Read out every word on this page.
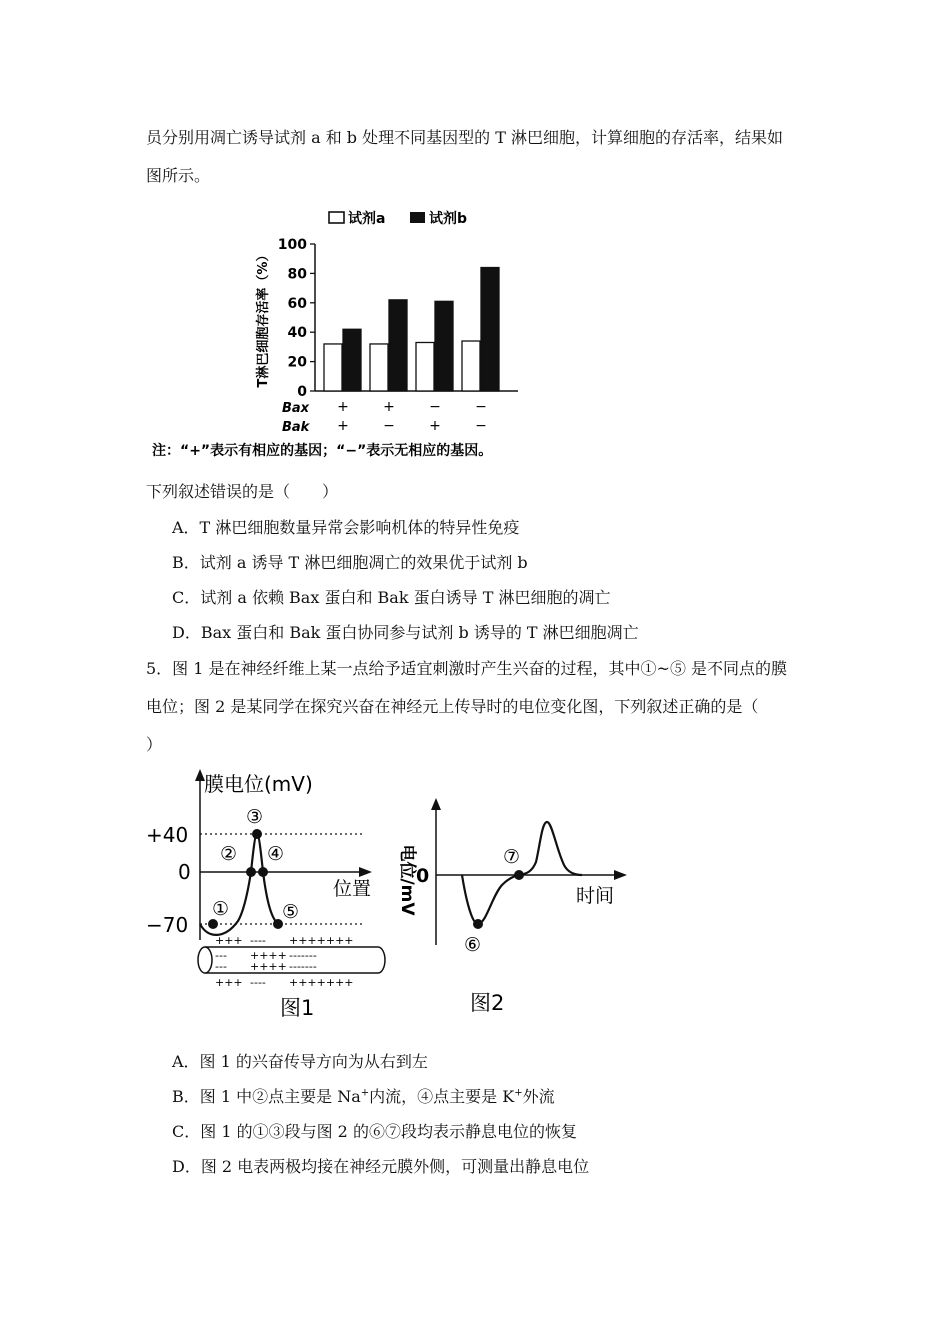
员分别用凋亡诱导试剂 a 和 b 处理不同基因型的 T 淋巴细胞，计算细胞的存活率，结果如
图所示。
试剂a	试剂b
T淋巴细胞存活率（%）
0
20
40
60
80
100
+
+
+
−
−
+
−
−
Bax
Bak
注：“+”表示有相应的基因；“−”表示无相应的基因。
下列叙述错误的是（　　）
A．T 淋巴细胞数量异常会影响机体的特异性免疫
B．试剂 a 诱导 T 淋巴细胞凋亡的效果优于试剂 b
C．试剂 a 依赖 Bax 蛋白和 Bak 蛋白诱导 T 淋巴细胞的凋亡
D．Bax 蛋白和 Bak 蛋白协同参与试剂 b 诱导的 T 淋巴细胞凋亡
5．图 1 是在神经纤维上某一点给予适宜刺激时产生兴奋的过程，其中①~⑤ 是不同点的膜
电位；图 2 是某同学在探究兴奋在神经元上传导时的电位变化图，下列叙述正确的是（
）
膜电位(mV)
位置
+40
0
−70
①
②
③
④
⑤
+++ ---- +++++++
--- ++++ -------
--- ++++ -------
+++ ---- +++++++
图1
电位/mV 0
时间
⑥
⑦
图2
A．图 1 的兴奋传导方向为从右到左
B．图 1 中②点主要是 Na+内流，④点主要是 K+外流
C．图 1 的①③段与图 2 的⑥⑦段均表示静息电位的恢复
D．图 2 电表两极均接在神经元膜外侧，可测量出静息电位
